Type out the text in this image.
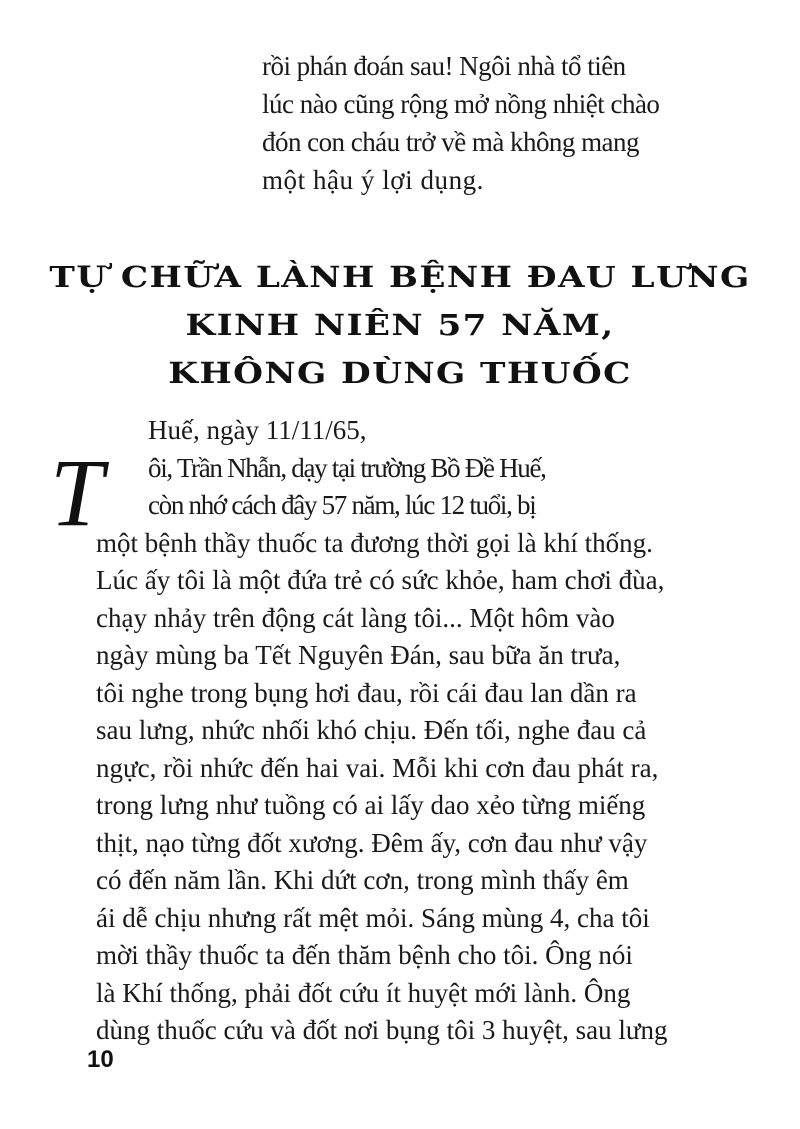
rồi phán đoán sau! Ngôi nhà tổ tiên
lúc nào cũng rộng mở nồng nhiệt chào
đón con cháu trở về mà không mang
một hậu ý lợi dụng.
TỰ CHỮA LÀNH BỆNH ĐAU LƯNG
KINH NIÊN 57 NĂM,
KHÔNG DÙNG THUỐC
T
Huế, ngày 11/11/65,
ôi, Trần Nhẫn, dạy tại trường Bồ Đề Huế,
còn nhớ cách đây 57 năm, lúc 12 tuổi, bị
một bệnh thầy thuốc ta đương thời gọi là khí thống.
Lúc ấy tôi là một đứa trẻ có sức khỏe, ham chơi đùa,
chạy nhảy trên động cát làng tôi... Một hôm vào
ngày mùng ba Tết Nguyên Đán, sau bữa ăn trưa,
tôi nghe trong bụng hơi đau, rồi cái đau lan dần ra
sau lưng, nhức nhối khó chịu. Đến tối, nghe đau cả
ngực, rồi nhức đến hai vai. Mỗi khi cơn đau phát ra,
trong lưng như tuồng có ai lấy dao xẻo từng miếng
thịt, nạo từng đốt xương. Đêm ấy, cơn đau như vậy
có đến năm lần. Khi dứt cơn, trong mình thấy êm
ái dễ chịu nhưng rất mệt mỏi. Sáng mùng 4, cha tôi
mời thầy thuốc ta đến thăm bệnh cho tôi. Ông nói
là Khí thống, phải đốt cứu ít huyệt mới lành. Ông
dùng thuốc cứu và đốt nơi bụng tôi 3 huyệt, sau lưng
10
